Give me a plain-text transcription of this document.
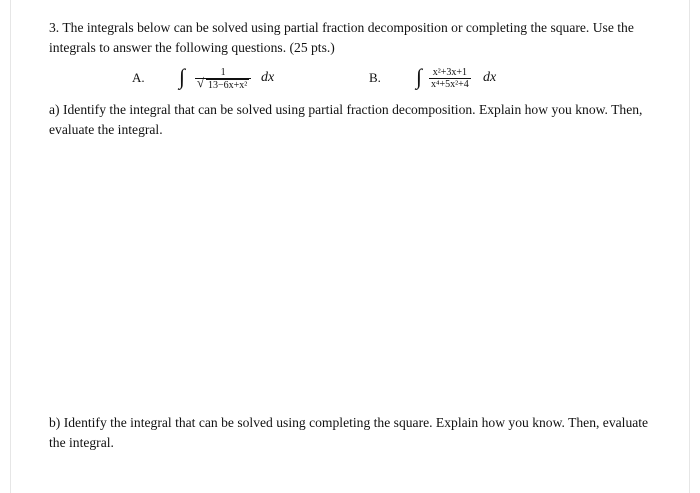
3. The integrals below can be solved using partial fraction decomposition or completing the square. Use the integrals to answer the following questions. (25 pts.)
A. ∫	1
√ 13−6x+x²
dx	B. ∫	x²+3x+1
x⁴+5x²+4 dx
a) Identify the integral that can be solved using partial fraction decomposition. Explain how you know. Then, evaluate the integral.
b) Identify the integral that can be solved using completing the square. Explain how you know. Then, evaluate the integral.
